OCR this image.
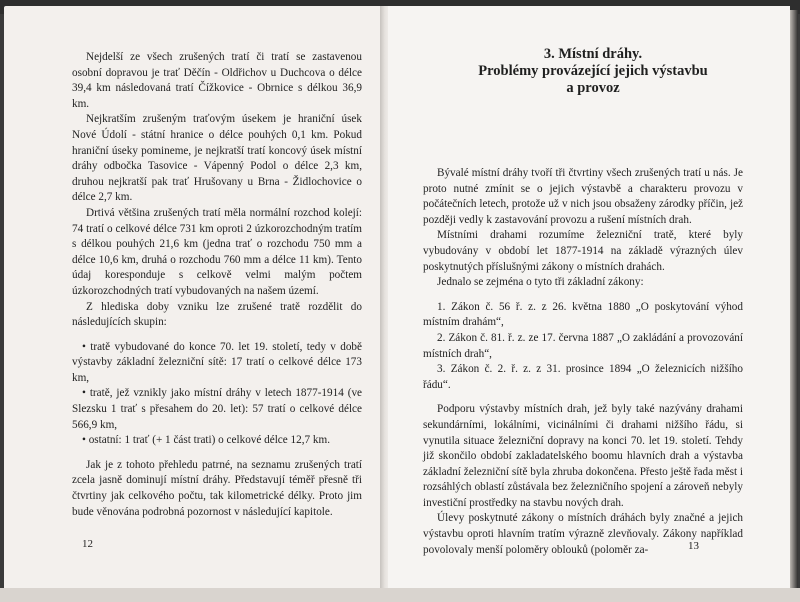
Nejdelší ze všech zrušených tratí či tratí se zastavenou osobní dopravou je trať Děčín - Oldřichov u Duchcova o délce 39,4 km následovaná tratí Čížkovice - Obrnice s délkou 36,9 km.

Nejkratším zrušeným traťovým úsekem je hraniční úsek Nové Údolí - státní hranice o délce pouhých 0,1 km. Pokud hraniční úseky pomineme, je nejkratší tratí koncový úsek místní dráhy odbočka Tasovice - Vápenný Podol o délce 2,3 km, druhou nejkratší pak trať Hrušovany u Brna - Židlochovice o délce 2,7 km.

Drtivá většina zrušených tratí měla normální rozchod kolejí: 74 tratí o celkové délce 731 km oproti 2 úzkorozchodným tratím s délkou pouhých 21,6 km (jedna trať o rozchodu 750 mm a délce 10,6 km, druhá o rozchodu 760 mm a délce 11 km). Tento údaj koresponduje s celkově velmi malým počtem úzkorozchodných tratí vybudovaných na našem území.

Z hlediska doby vzniku lze zrušené tratě rozdělit do následujících skupin:

• tratě vybudované do konce 70. let 19. století, tedy v době výstavby základní železniční sítě: 17 tratí o celkové délce 173 km,

• tratě, jež vznikly jako místní dráhy v letech 1877-1914 (ve Slezsku 1 trať s přesahem do 20. let): 57 tratí o celkové délce 566,9 km,

• ostatní: 1 trať (+ 1 část trati) o celkové délce 12,7 km.

Jak je z tohoto přehledu patrné, na seznamu zrušených tratí zcela jasně dominují místní dráhy. Představují téměř přesně tři čtvrtiny jak celkového počtu, tak kilometrické délky. Proto jim bude věnována podrobná pozornost v následující kapitole.

12
3. Místní dráhy.
Problémy provázející jejich výstavbu
a provoz

Bývalé místní dráhy tvoří tři čtvrtiny všech zrušených tratí u nás. Je proto nutné zmínit se o jejich výstavbě a charakteru provozu v počátečních letech, protože už v nich jsou obsaženy zárodky příčin, jež později vedly k zastavování provozu a rušení místních drah.

Místními drahami rozumíme železniční tratě, které byly vybudovány v období let 1877-1914 na základě výrazných úlev poskytnutých příslušnými zákony o místních drahách.

Jednalo se zejména o tyto tři základní zákony:

1. Zákon č. 56 ř. z. z 26. května 1880 „O poskytování výhod místním drahám“,

2. Zákon č. 81. ř. z. ze 17. června 1887 „O zakládání a provozování místních drah“,

3. Zákon č. 2. ř. z. z 31. prosince 1894 „O železnicích nižšího řádu“.

Podporu výstavby místních drah, jež byly také nazývány drahami sekundárními, lokálními, vicinálními či drahami nižšího řádu, si vynutila situace železniční dopravy na konci 70. let 19. století. Tehdy již skončilo období zakladatelského boomu hlavních drah a výstavba základní železniční sítě byla zhruba dokončena. Přesto ještě řada měst i rozsáhlých oblastí zůstávala bez železničního spojení a zároveň nebyly investiční prostředky na stavbu nových drah.

Úlevy poskytnuté zákony o místních dráhách byly značné a jejich výstavbu oproti hlavním tratím výrazně zlevňovaly. Zákony například povolovaly menší poloměry oblouků (poloměr za-	13
